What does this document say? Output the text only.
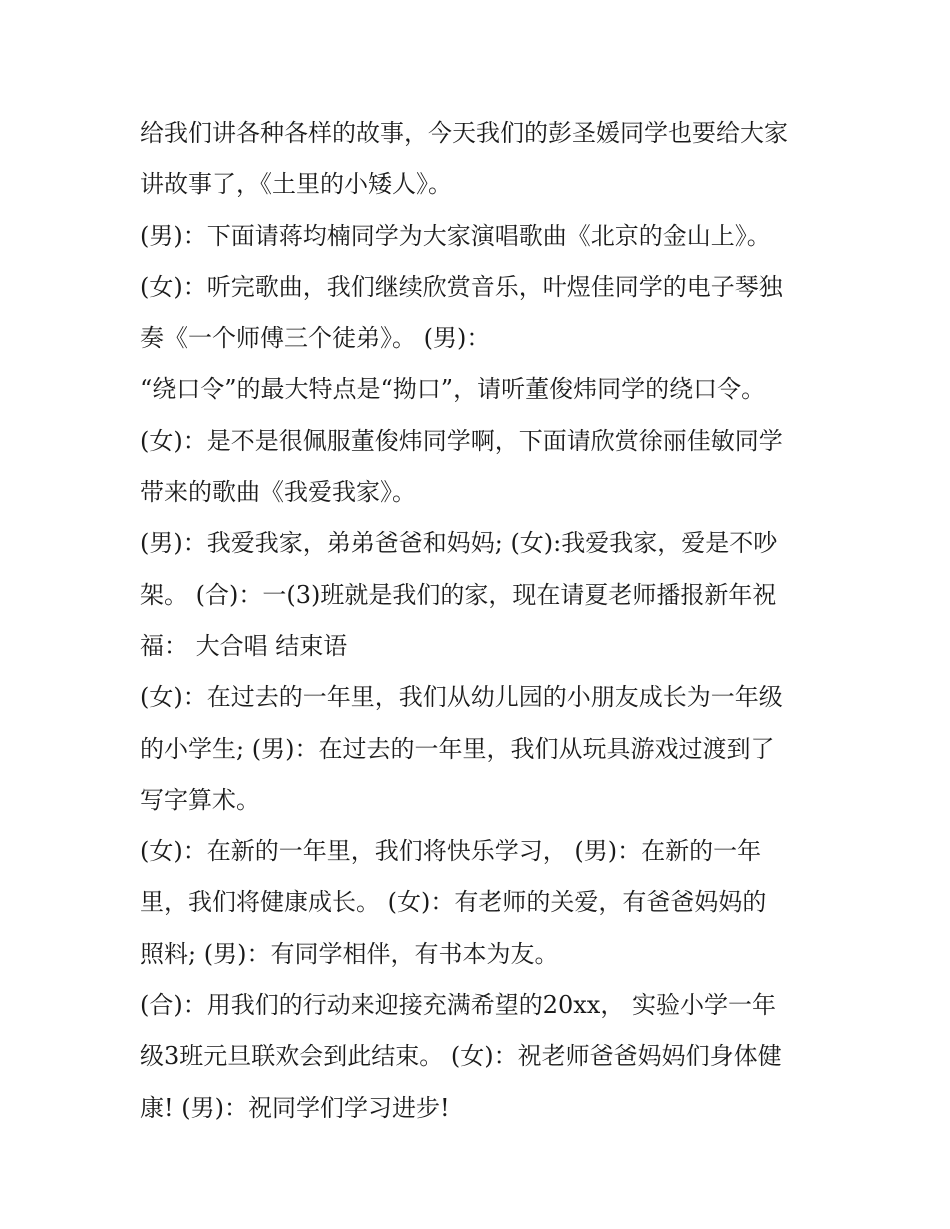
给我们讲各种各样的故事，今天我们的彭圣媛同学也要给大家
讲故事了，《土里的小矮人》。
(男)：下面请蒋均楠同学为大家演唱歌曲《北京的金山上》。
(女)：听完歌曲，我们继续欣赏音乐，叶煜佳同学的电子琴独
奏《一个师傅三个徒弟》。 (男)：
“绕口令”的最大特点是“拗口”，请听董俊炜同学的绕口令。
(女)：是不是很佩服董俊炜同学啊，下面请欣赏徐丽佳敏同学
带来的歌曲《我爱我家》。
(男)：我爱我家，弟弟爸爸和妈妈; (女):我爱我家，爱是不吵
架。 (合)：一(3)班就是我们的家，现在请夏老师播报新年祝
福： 大合唱 结束语
(女)：在过去的一年里，我们从幼儿园的小朋友成长为一年级
的小学生; (男)：在过去的一年里，我们从玩具游戏过渡到了
写字算术。
(女)：在新的一年里，我们将快乐学习， (男)：在新的一年
里，我们将健康成长。 (女)：有老师的关爱，有爸爸妈妈的
照料; (男)：有同学相伴，有书本为友。
(合)：用我们的行动来迎接充满希望的20xx， 实验小学一年
级3班元旦联欢会到此结束。 (女)：祝老师爸爸妈妈们身体健
康! (男)：祝同学们学习进步!
